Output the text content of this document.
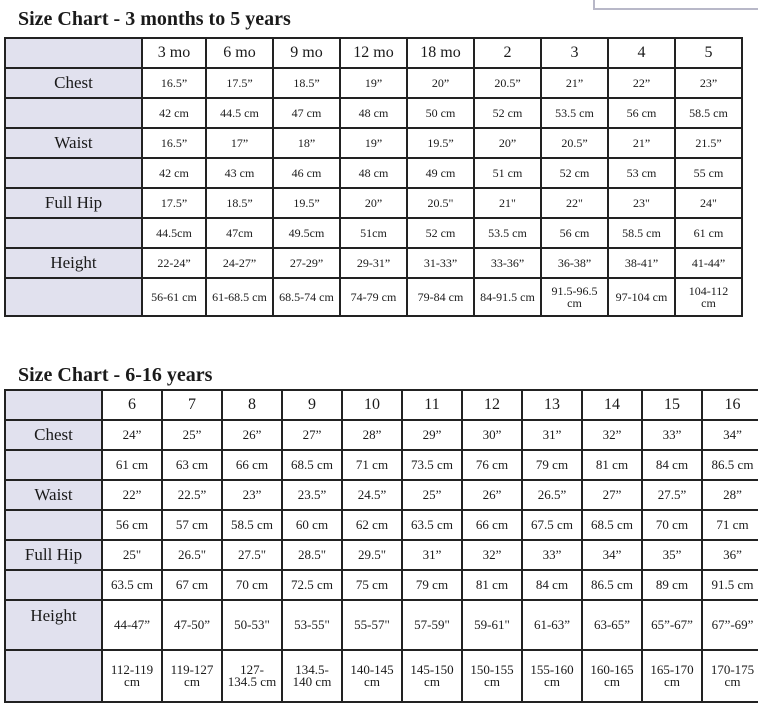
Size Chart - 3 months to 5 years
	3 mo	6 mo	9 mo	12 mo	18 mo	2	3	4	5
Chest	16.5”	17.5”	18.5”	19”	20”	20.5”	21”	22”	23”
	42 cm	44.5 cm	47 cm	48 cm	50 cm	52 cm	53.5 cm	56 cm	58.5 cm
Waist	16.5”	17”	18”	19”	19.5”	20”	20.5”	21”	21.5”
	42 cm	43 cm	46 cm	48 cm	49 cm	51 cm	52 cm	53 cm	55 cm
Full Hip	17.5”	18.5”	19.5”	20”	20.5"	21"	22"	23"	24"
	44.5cm	47cm	49.5cm	51cm	52 cm	53.5 cm	56 cm	58.5 cm	61 cm
Height	22-24”	24-27”	27-29”	29-31”	31-33”	33-36”	36-38”	38-41”	41-44”
	56-61 cm	61-68.5 cm	68.5-74 cm	74-79 cm	79-84 cm	84-91.5 cm	91.5-96.5 cm	97-104 cm	104-112 cm
Size Chart - 6-16 years
	6	7	8	9	10	11	12	13	14	15	16
Chest	24”	25”	26”	27”	28”	29”	30”	31”	32”	33”	34”
	61 cm	63 cm	66 cm	68.5 cm	71 cm	73.5 cm	76 cm	79 cm	81 cm	84 cm	86.5 cm
Waist	22”	22.5”	23”	23.5”	24.5”	25”	26”	26.5”	27”	27.5”	28”
	56 cm	57 cm	58.5 cm	60 cm	62 cm	63.5 cm	66 cm	67.5 cm	68.5 cm	70 cm	71 cm
Full Hip	25"	26.5"	27.5"	28.5"	29.5"	31”	32”	33”	34”	35”	36”
	63.5 cm	67 cm	70 cm	72.5 cm	75 cm	79 cm	81 cm	84 cm	86.5 cm	89 cm	91.5 cm
Height	44-47”	47-50”	50-53"	53-55"	55-57"	57-59"	59-61"	61-63”	63-65”	65”-67”	67”-69”
	112-119 cm	119-127 cm	127-134.5 cm	134.5-140 cm	140-145 cm	145-150 cm	150-155 cm	155-160 cm	160-165 cm	165-170 cm	170-175 cm
